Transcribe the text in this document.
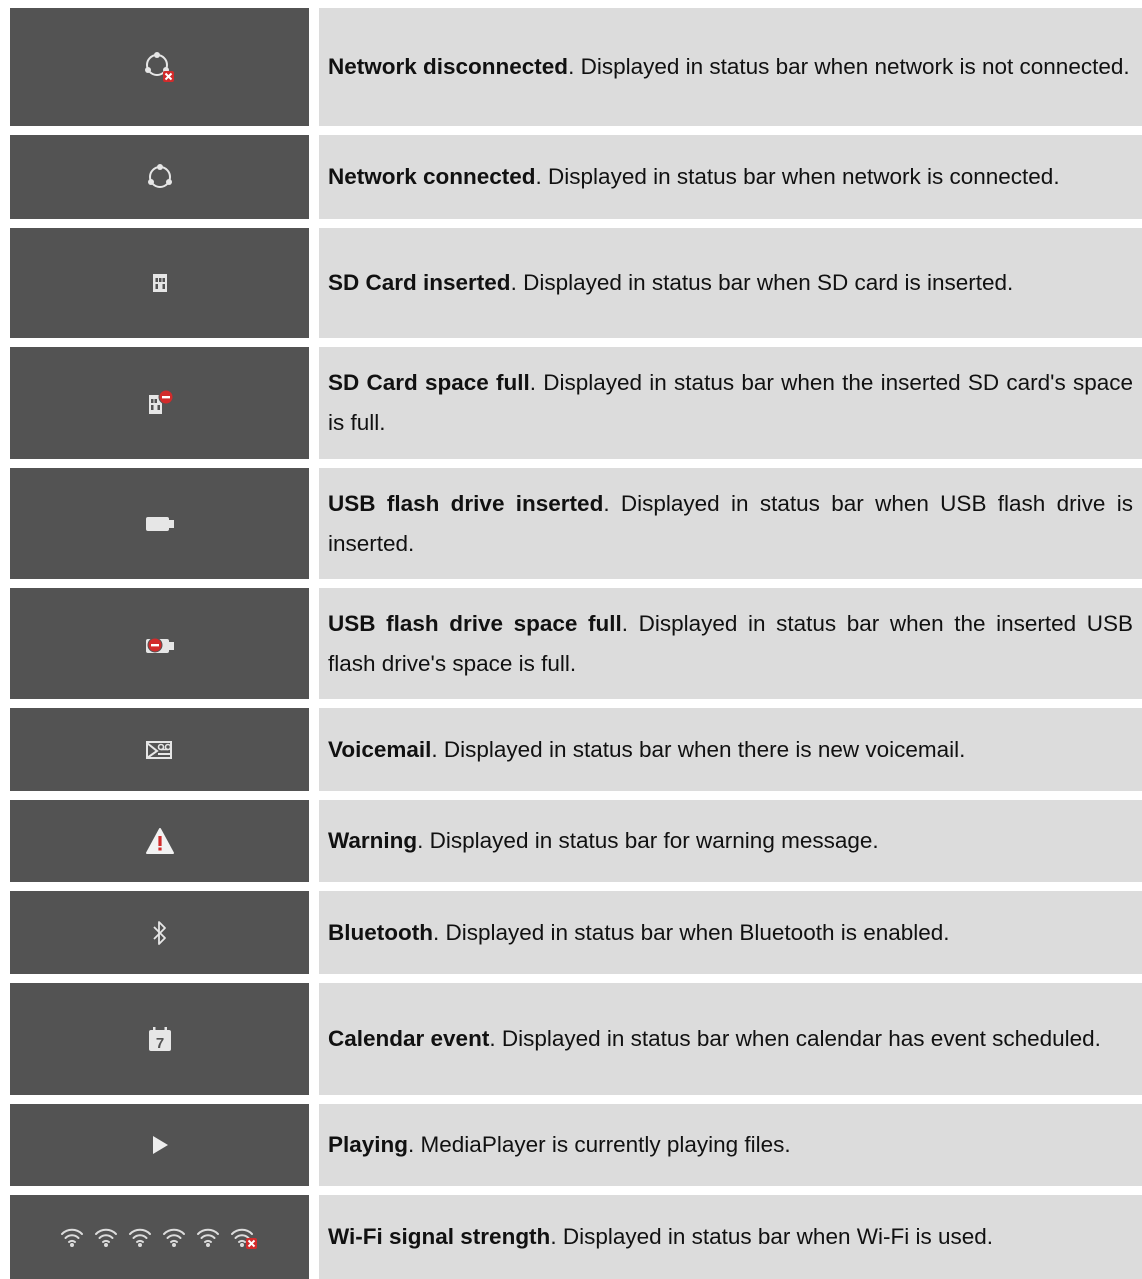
Network disconnected. Displayed in status bar when network is not connected.
Network connected. Displayed in status bar when network is connected.
SD Card inserted. Displayed in status bar when SD card is inserted.
SD Card space full. Displayed in status bar when the inserted SD card's space is full.
USB flash drive inserted. Displayed in status bar when USB flash drive is inserted.
USB flash drive space full. Displayed in status bar when the inserted USB flash drive's space is full.
Voicemail. Displayed in status bar when there is new voicemail.
Warning. Displayed in status bar for warning message.
Bluetooth. Displayed in status bar when Bluetooth is enabled.
7	Calendar event. Displayed in status bar when calendar has event scheduled.
Playing. MediaPlayer is currently playing files.
Wi-Fi signal strength. Displayed in status bar when Wi-Fi is used.
